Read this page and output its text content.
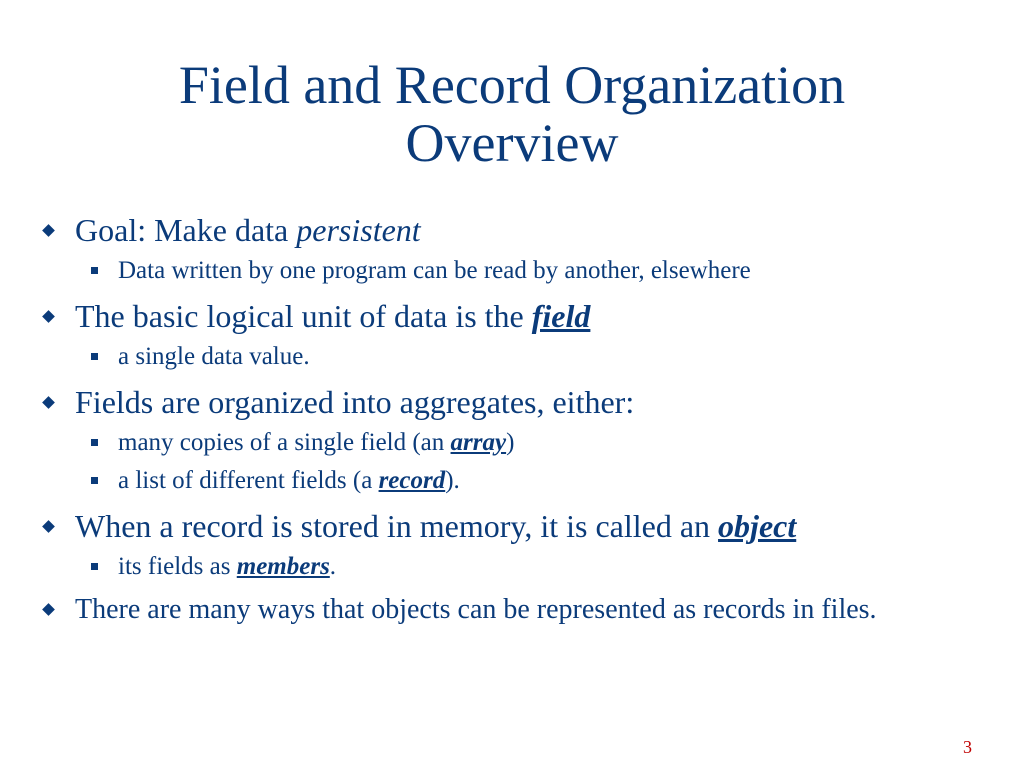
Field and Record Organization
Overview
Goal: Make data persistent
Data written by one program can be read by another, elsewhere
The basic logical unit of data is the field
a single data value.
Fields are organized into aggregates, either:
many copies of a single field (an array)
a list of different fields (a record).
When a record is stored in memory, it is called an object
its fields as members.
There are many ways that objects can be represented as records in files.
3
